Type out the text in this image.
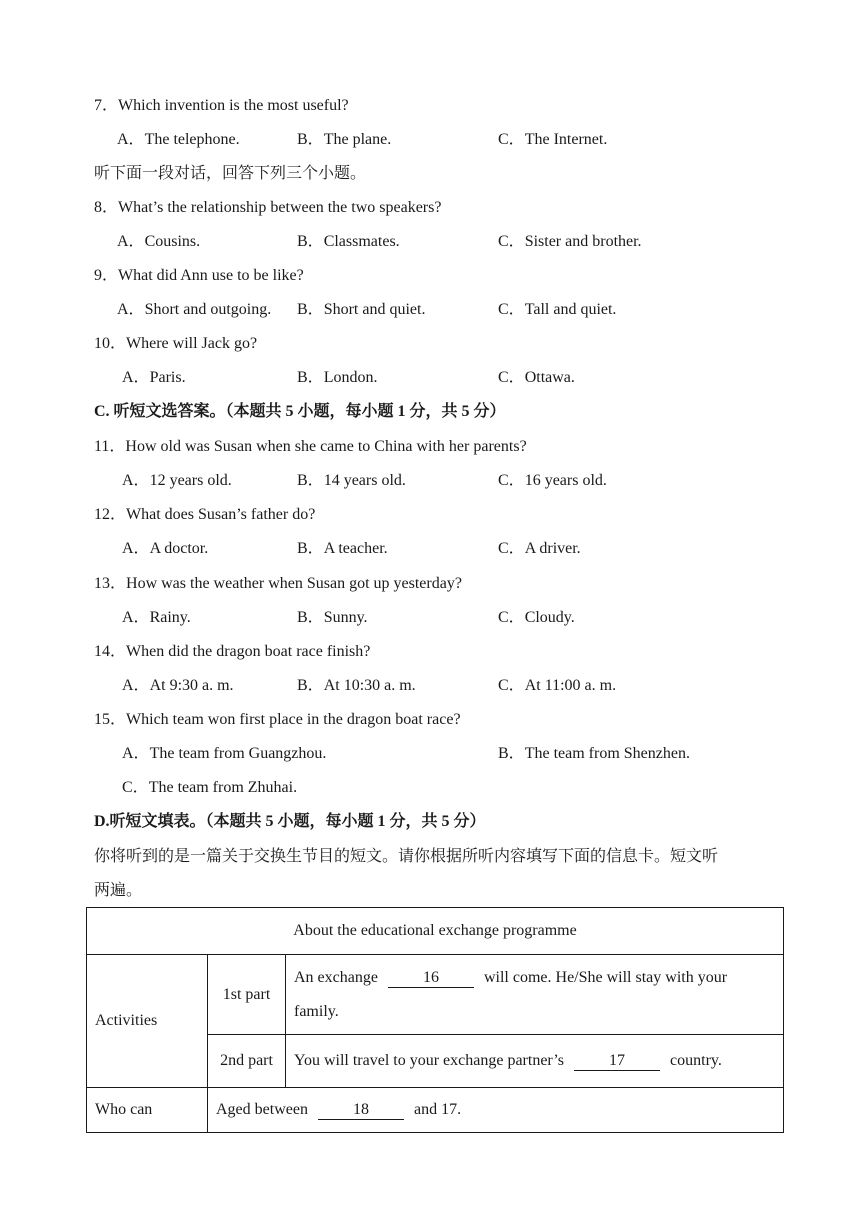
7．Which invention is the most useful?
A．The telephone.	B．The plane.	C．The Internet.
听下面一段对话，回答下列三个小题。
8．What’s the relationship between the two speakers?
A．Cousins.	B．Classmates.	C．Sister and brother.
9．What did Ann use to be like?
A．Short and outgoing. B．Short and quiet.	C．Tall and quiet.
10．Where will Jack go?
A．Paris.	B．London.	C．Ottawa.
C. 听短文选答案。（本题共 5 小题，每小题 1 分，共 5 分）
11．How old was Susan when she came to China with her parents?
A．12 years old.	B．14 years old.	C．16 years old.
12．What does Susan’s father do?
A．A doctor.	B．A teacher.	C．A driver.
13．How was the weather when Susan got up yesterday?
A．Rainy.	B．Sunny.	C．Cloudy.
14．When did the dragon boat race finish?
A．At 9:30 a. m.	B．At 10:30 a. m.	C．At 11:00 a. m.
15．Which team won first place in the dragon boat race?
A．The team from Guangzhou.	B．The team from Shenzhen.
C．The team from Zhuhai.
D.听短文填表。（本题共 5 小题，每小题 1 分，共 5 分）
你将听到的是一篇关于交换生节目的短文。请你根据所听内容填写下面的信息卡。短文听
两遍。
About the educational exchange programme		
Activities	1st part	An exchange 16 will come. He/She will stay with your
family.
	2nd part	You will travel to your exchange partner’s 17 country.
Who can	Aged between 18 and 17.	
